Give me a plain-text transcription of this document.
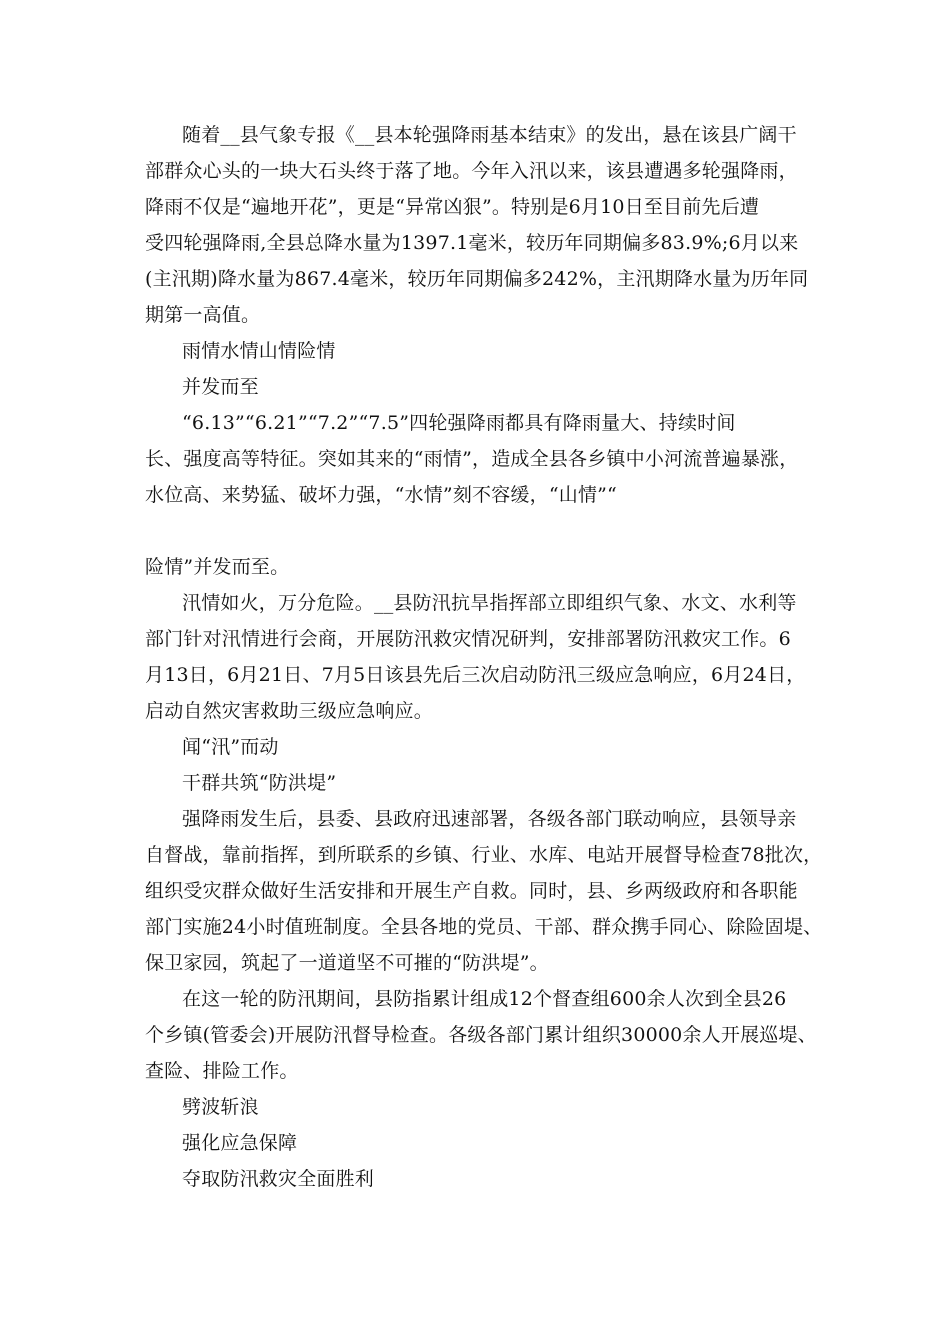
随着__县气象专报《__县本轮强降雨基本结束》的发出，悬在该县广阔干
部群众心头的一块大石头终于落了地。今年入汛以来，该县遭遇多轮强降雨，
降雨不仅是“遍地开花”，更是“异常凶狠”。特别是6月10日至目前先后遭
受四轮强降雨,全县总降水量为1397.1毫米，较历年同期偏多83.9%;6月以来
(主汛期)降水量为867.4毫米，较历年同期偏多242%，主汛期降水量为历年同
期第一高值。
雨情水情山情险情
并发而至
“6.13”“6.21”“7.2”“7.5”四轮强降雨都具有降雨量大、持续时间
长、强度高等特征。突如其来的“雨情”，造成全县各乡镇中小河流普遍暴涨，
水位高、来势猛、破坏力强，“水情”刻不容缓，“山情”“
险情”并发而至。
汛情如火，万分危险。__县防汛抗旱指挥部立即组织气象、水文、水利等
部门针对汛情进行会商，开展防汛救灾情况研判，安排部署防汛救灾工作。6
月13日，6月21日、7月5日该县先后三次启动防汛三级应急响应，6月24日，
启动自然灾害救助三级应急响应。
闻“汛”而动
干群共筑“防洪堤”
强降雨发生后，县委、县政府迅速部署，各级各部门联动响应，县领导亲
自督战，靠前指挥，到所联系的乡镇、行业、水库、电站开展督导检查78批次，
组织受灾群众做好生活安排和开展生产自救。同时，县、乡两级政府和各职能
部门实施24小时值班制度。全县各地的党员、干部、群众携手同心、除险固堤、
保卫家园，筑起了一道道坚不可摧的“防洪堤”。
在这一轮的防汛期间，县防指累计组成12个督查组600余人次到全县26
个乡镇(管委会)开展防汛督导检查。各级各部门累计组织30000余人开展巡堤、
查险、排险工作。
劈波斩浪
强化应急保障
夺取防汛救灾全面胜利
